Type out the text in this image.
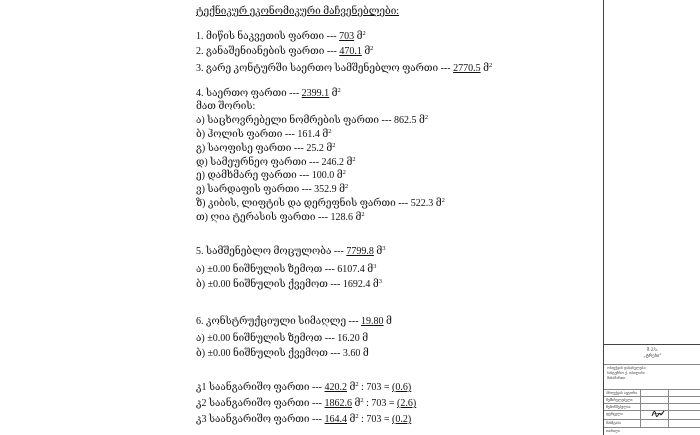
ტექნიკურ ეკონომიკური მაჩვენებლები:
1. მიწის ნაკვეთის ფართი --- 703 მ$^2$
2. განაშენიანების ფართი --- 470.1 მ$^2$
3. გარე კონტურში საერთო სამშენებლო ფართი --- 2770.5 მ$^2$
4. საერთო ფართი --- 2399.1 მ$^2$
მათ შორის:
ა) საცხოვრებელი ნომრების ფართი --- 862.5 მ$^2$
ბ) ჰოლის ფართი --- 161.4 მ$^2$
გ) საოფისე ფართი --- 25.2 მ$^2$
დ) სამეურნეო ფართი --- 246.2 მ$^2$
ე) დამხმარე ფართი --- 100.0 მ$^2$
ვ) სარდაფის ფართი --- 352.9 მ$^2$
ზ) კიბის, ლიფტის და დერეფნის ფართი --- 522.3 მ$^2$
თ) ღია ტერასის ფართი --- 128.6 მ$^2$
5. სამშენებლო მოცულობა --- 7799.8 მ$^3$
ა) ±0.00 ნიშნულის ზემოთ --- 6107.4 მ$^3$
ბ) ±0.00 ნიშნულის ქვემოთ --- 1692.4 მ$^3$
6. კონსტრუქციული სიმაღლე --- 19.80 მ
ა) ±0.00 ნიშნულის ზემოთ --- 16.20 მ
ბ) ±0.00 ნიშნულის ქვემოთ --- 3.60 მ
კ1 საანგარიშო ფართი --- 420.2 მ$^2$ : 703 = (0.6)
კ2 საანგარიშო ფართი --- 1862.6 მ$^2$ : 703 = (2.6)
კ3 საანგარიშო ფართი --- 164.4 მ$^2$ : 703 = (0.2)
შ.პ.ს.
„ტრეხი“
ობიექტის დასახელება:
სასტუმრო ქ. თბილისი
მისამართი
პროექტის ავტორი
შემსრულებელი
შემოწმებულია
ფურცელი
მასშტაბი
თარიღი
